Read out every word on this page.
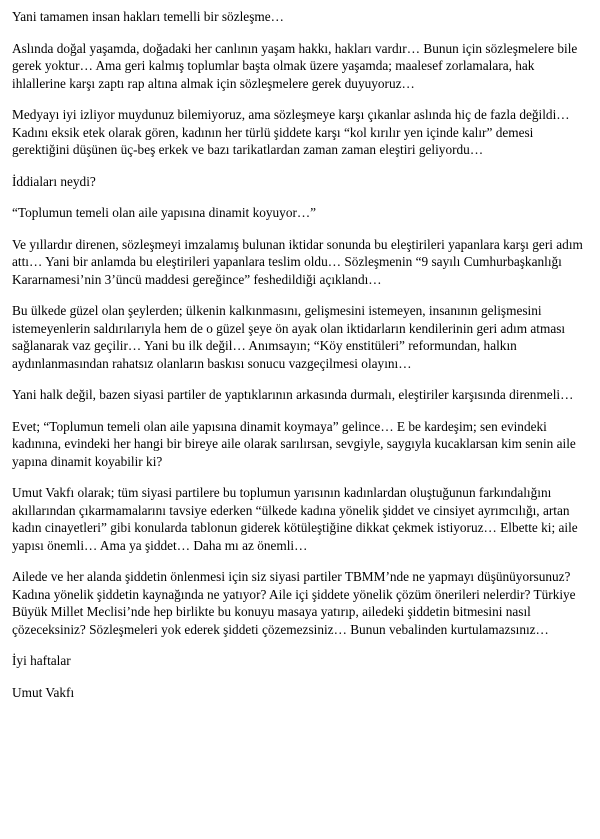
Yani tamamen insan hakları temelli bir sözleşme…

Aslında doğal yaşamda, doğadaki her canlının yaşam hakkı, hakları vardır… Bunun için sözleşmelere bile gerek yoktur… Ama geri kalmış toplumlar başta olmak üzere yaşamda; maalesef zorlamalara, hak ihlallerine karşı zaptı rap altına almak için sözleşmelere gerek duyuyoruz…

Medyayı iyi izliyor muydunuz bilemiyoruz, ama sözleşmeye karşı çıkanlar aslında hiç de fazla değildi… Kadını eksik etek olarak gören, kadının her türlü şiddete karşı “kol kırılır yen içinde kalır” demesi gerektiğini düşünen üç-beş erkek ve bazı tarikatlardan zaman zaman eleştiri geliyordu…

İddiaları neydi?

“Toplumun temeli olan aile yapısına dinamit koyuyor…”

Ve yıllardır direnen, sözleşmeyi imzalamış bulunan iktidar sonunda bu eleştirileri yapanlara karşı geri adım attı… Yani bir anlamda bu eleştirileri yapanlara teslim oldu… Sözleşmenin “9 sayılı Cumhurbaşkanlığı Kararnamesi’nin 3’üncü maddesi gereğince” feshedildiği açıklandı…

Bu ülkede güzel olan şeylerden; ülkenin kalkınmasını, gelişmesini istemeyen, insanının gelişmesini istemeyenlerin saldırılarıyla hem de o güzel şeye ön ayak olan iktidarların kendilerinin geri adım atması sağlanarak vaz geçilir… Yani bu ilk değil… Anımsayın; “Köy enstitüleri” reformundan, halkın aydınlanmasından rahatsız olanların baskısı sonucu vazgeçilmesi olayını…

Yani halk değil, bazen siyasi partiler de yaptıklarının arkasında durmalı, eleştiriler karşısında direnmeli…

Evet; “Toplumun temeli olan aile yapısına dinamit koymaya” gelince… E be kardeşim; sen evindeki kadınına, evindeki her hangi bir bireye aile olarak sarılırsan, sevgiyle, saygıyla kucaklarsan kim senin aile yapına dinamit koyabilir ki?

Umut Vakfı olarak; tüm siyasi partilere bu toplumun yarısının kadınlardan oluştuğunun farkındalığını akıllarından çıkarmamalarını tavsiye ederken “ülkede kadına yönelik şiddet ve cinsiyet ayrımcılığı, artan kadın cinayetleri” gibi konularda tablonun giderek kötüleştiğine dikkat çekmek istiyoruz… Elbette ki; aile yapısı önemli… Ama ya şiddet… Daha mı az önemli…

Ailede ve her alanda şiddetin önlenmesi için siz siyasi partiler TBMM’nde ne yapmayı düşünüyorsunuz? Kadına yönelik şiddetin kaynağında ne yatıyor? Aile içi şiddete yönelik çözüm önerileri nelerdir? Türkiye Büyük Millet Meclisi’nde hep birlikte bu konuyu masaya yatırıp, ailedeki şiddetin bitmesini nasıl çözeceksiniz? Sözleşmeleri yok ederek şiddeti çözemezsiniz… Bunun vebalinden kurtulamazsınız…

İyi haftalar

Umut Vakfı
